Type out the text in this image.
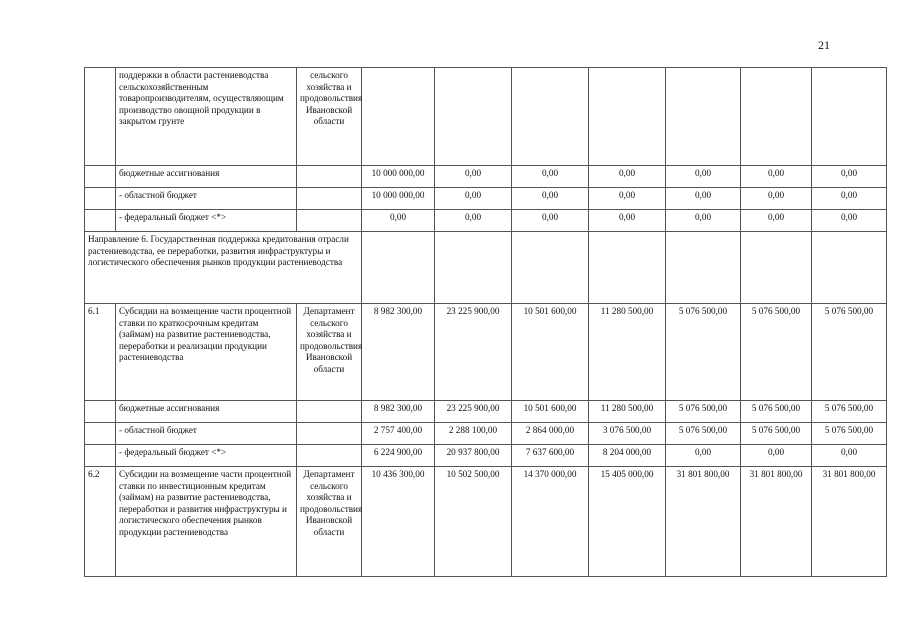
21
	поддержки в области растениеводства сельскохозяйственным товаропроизводителям, осуществляющим производство овощной продукции в закрытом грунте	сельского хозяйства и продовольствия Ивановской области							
	бюджетные ассигнования		10 000 000,00	0,00	0,00	0,00	0,00	0,00	0,00
	- областной бюджет		10 000 000,00	0,00	0,00	0,00	0,00	0,00	0,00
	- федеральный бюджет <*>		0,00	0,00	0,00	0,00	0,00	0,00	0,00
Направление 6. Государственная поддержка кредитования отрасли растениеводства, ее переработки, развития инфраструктуры и логистического обеспечения рынков продукции растениеводства									
6.1	Субсидии на возмещение части процентной ставки по краткосрочным кредитам (займам) на развитие растениеводства, переработки и реализации продукции растениеводства	Департамент сельского хозяйства и продовольствия Ивановской области	8 982 300,00	23 225 900,00	10 501 600,00	11 280 500,00	5 076 500,00	5 076 500,00	5 076 500,00
	бюджетные ассигнования		8 982 300,00	23 225 900,00	10 501 600,00	11 280 500,00	5 076 500,00	5 076 500,00	5 076 500,00
	- областной бюджет		2 757 400,00	2 288 100,00	2 864 000,00	3 076 500,00	5 076 500,00	5 076 500,00	5 076 500,00
	- федеральный бюджет <*>		6 224 900,00	20 937 800,00	7 637 600,00	8 204 000,00	0,00	0,00	0,00
6.2	Субсидии на возмещение части процентной ставки по инвестиционным кредитам (займам) на развитие растениеводства, переработки и развития инфраструктуры и логистического обеспечения рынков продукции растениеводства	Департамент сельского хозяйства и продовольствия Ивановской области	10 436 300,00	10 502 500,00	14 370 000,00	15 405 000,00	31 801 800,00	31 801 800,00	31 801 800,00
